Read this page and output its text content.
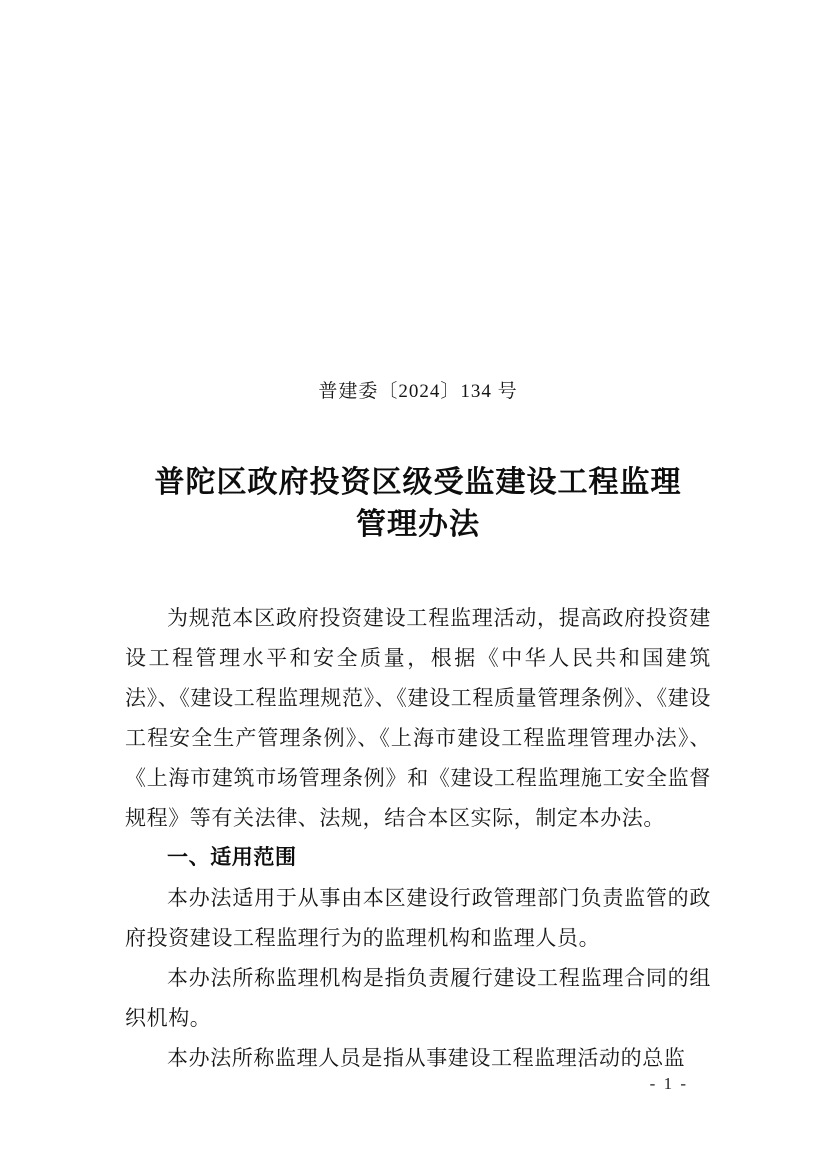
普建委〔2024〕134 号
普陀区政府投资区级受监建设工程监理
管理办法

为规范本区政府投资建设工程监理活动，提高政府投资建设工程管理水平和安全质量，根据《中华人民共和国建筑法》、《建设工程监理规范》、《建设工程质量管理条例》、《建设工程安全生产管理条例》、《上海市建设工程监理管理办法》、《上海市建筑市场管理条例》和《建设工程监理施工安全监督规程》等有关法律、法规，结合本区实际，制定本办法。

一、适用范围

本办法适用于从事由本区建设行政管理部门负责监管的政府投资建设工程监理行为的监理机构和监理人员。

本办法所称监理机构是指负责履行建设工程监理合同的组织机构。

本办法所称监理人员是指从事建设工程监理活动的总监

- 1 -
